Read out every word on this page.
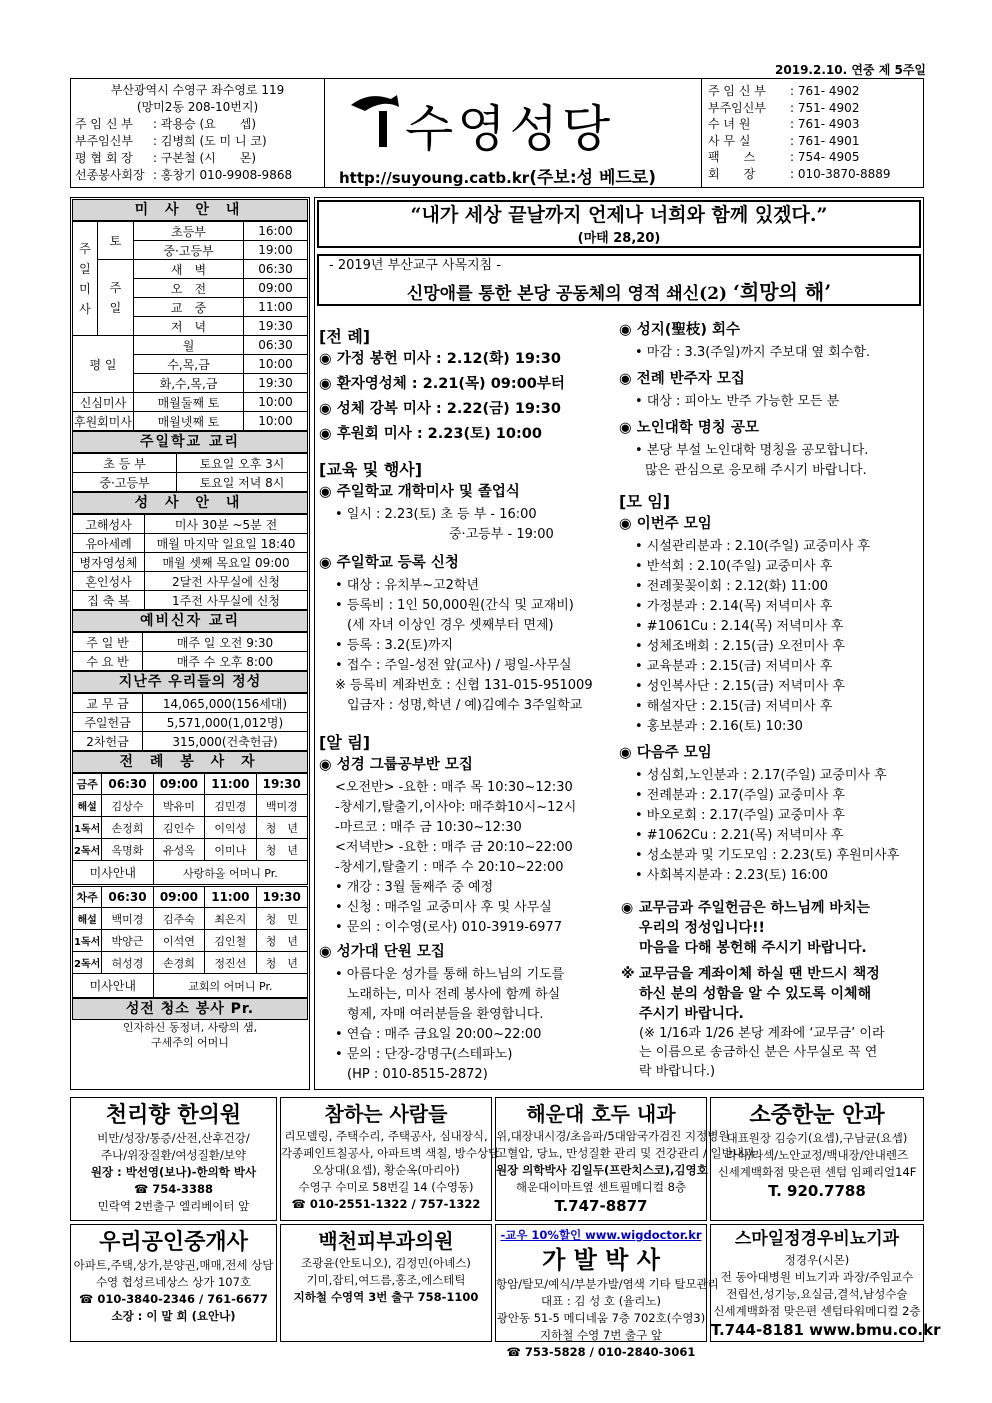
2019.2.10. 연중 제 5주일
부산광역시 수영구 좌수영로 119
(망미2동 208-10번지)
주 임 신 부 : 곽용승 (요　　셉)
부주임신부 : 김병희 (도 미 니 코)
평 협 회 장 : 구본철 (시　　몬)
선종봉사회장 : 홍창기 010-9908-9868
수영성당
http://suyoung.catb.kr(주보:성 베드로)
주 임 신 부 : 761- 4902
부주임신부 : 751- 4902
수 녀 원	: 761- 4903
사 무 실	: 761- 4901
팩　　스	: 754- 4905
회　　장	: 010-3870-8889
미 사 안 내
주
일
미
사	토	초등부	16:00
		중·고등부	19:00
	주
일	새　벽	06:30
		오　전	09:00
		교　중	11:00
		저　녁	19:30
평 일		월	06:30
		수,목,금	10:00
		화,수,목,금	19:30
신심미사		매월둘째 토	10:00
후원회미사		매월넷째 토	10:00
주일학교 교리
초 등 부	토요일 오후 3시
중·고등부	토요일 저녁 8시
성 사 안 내
고해성사	미사 30분 ~5분 전
유아세례	매월 마지막 일요일 18:40
병자영성체	매월 셋째 목요일 09:00
혼인성사	2달전 사무실에 신청
집 축 복	1주전 사무실에 신청
예비신자 교리
주 일 반	매주 일 오전 9:30
수 요 반	매주 수 오후 8:00
지난주 우리들의 정성
교 무 금	14,065,000(156세대)
주일헌금	5,571,000(1,012명)
2차헌금	315,000(건축헌금)
전 례 봉 사 자
금주	06:30	09:00	11:00	19:30
해설	김상수	박유미	김민경	백미경
1독서	손정희	김인수	이익성	청　년
2독서	옥명화	유성옥	이미나	청　년
미사안내		사랑하올 어머니 Pr.		
차주	06:30	09:00	11:00	19:30
해설	백미경	김주숙	최은지	청　민
1독서	박양근	이석연	김인철	청　년
2독서	허성경	손경희	정진선	청　년
미사안내		교회의 어머니 Pr.		
성전 청소 봉사 Pr.
인자하신 동정녀, 사랑의 샘,
구세주의 어머니
“내가 세상 끝날까지 언제나 너희와 함께 있겠다.”
(마태 28,20)
- 2019년 부산교구 사목지침 -
신망애를 통한 본당 공동체의 영적 쇄신(2) ‘희망의 해’
[전 례]
◉ 가정 봉헌 미사 : 2.12(화) 19:30
◉ 환자영성체 : 2.21(목) 09:00부터
◉ 성체 강복 미사 : 2.22(금) 19:30
◉ 후원회 미사 : 2.23(토) 10:00
[교육 및 행사]
◉ 주일학교 개학미사 및 졸업식
• 일시 : 2.23(토) 초 등 부 - 16:00
중·고등부 - 19:00
◉ 주일학교 등록 신청
• 대상 : 유치부~고2학년
• 등록비 : 1인 50,000원(간식 및 교재비)
(세 자녀 이상인 경우 셋째부터 면제)
• 등록 : 3.2(토)까지
• 접수 : 주일-성전 앞(교사) / 평일-사무실
※ 등록비 계좌번호 : 신협 131-015-951009
입금자 : 성명,학년 / 예)김예수 3주일학교
[알 림]
◉ 성경 그룹공부반 모집
<오전반> -요한 : 매주 목 10:30~12:30
-창세기,탈출기,이사야: 매주화10시~12시
-마르코 : 매주 금 10:30~12:30
<저녁반> -요한 : 매주 금 20:10~22:00
-창세기,탈출기 : 매주 수 20:10~22:00
• 개강 : 3월 둘째주 중 예정
• 신청 : 매주일 교중미사 후 및 사무실
• 문의 : 이수영(로사) 010-3919-6977
◉ 성가대 단원 모집
• 아름다운 성가를 통해 하느님의 기도를
노래하는, 미사 전례 봉사에 함께 하실
형제, 자매 여러분들을 환영합니다.
• 연습 : 매주 금요일 20:00~22:00
• 문의 : 단장-강명구(스테파노)
(HP : 010-8515-2872)
◉ 성지(聖枝) 회수
• 마감 : 3.3(주일)까지 주보대 옆 회수함.
◉ 전례 반주자 모집
• 대상 : 피아노 반주 가능한 모든 분
◉ 노인대학 명칭 공모
• 본당 부설 노인대학 명칭을 공모합니다.
많은 관심으로 응모해 주시기 바랍니다.
[모 임]
◉ 이번주 모임
• 시설관리분과 : 2.10(주일) 교중미사 후
• 반석회 : 2.10(주일) 교중미사 후
• 전례꽃꽂이회 : 2.12(화) 11:00
• 가정분과 : 2.14(목) 저녁미사 후
• #1061Cu : 2.14(목) 저녁미사 후
• 성체조배회 : 2.15(금) 오전미사 후
• 교육분과 : 2.15(금) 저녁미사 후
• 성인복사단 : 2.15(금) 저녁미사 후
• 해설자단 : 2.15(금) 저녁미사 후
• 홍보분과 : 2.16(토) 10:30
◉ 다음주 모임
• 성심회,노인분과 : 2.17(주일) 교중미사 후
• 전례분과 : 2.17(주일) 교중미사 후
• 바오로회 : 2.17(주일) 교중미사 후
• #1062Cu : 2.21(목) 저녁미사 후
• 성소분과 및 기도모임 : 2.23(토) 후원미사후
• 사회복지분과 : 2.23(토) 16:00
◉ 교무금과 주일헌금은 하느님께 바치는
우리의 정성입니다!!
마음을 다해 봉헌해 주시기 바랍니다.
※ 교무금을 계좌이체 하실 땐 반드시 책정
하신 분의 성함을 알 수 있도록 이체해
주시기 바랍니다.
(※ 1/16과 1/26 본당 계좌에 ‘교무금’ 이라
는 이름으로 송금하신 분은 사무실로 꼭 연
락 바랍니다.)
천리향 한의원
비만/성장/통증/산전,산후건강/
주나/위장질환/여성질환/보약
원장 : 박선영(보나)-한의학 박사
☎ 754-3388
민락역 2번출구 엘리베이터 앞
참하는 사람들
리모델링, 주택수리, 주택공사, 심내장식,
각종페인트칠공사, 아파트벽 색칠, 방수상담
오상대(요셉), 황순옥(마리아)
수영구 수미로 58번길 14 (수영동)
☎ 010-2551-1322 / 757-1322
해운대 호두 내과
위,대장내시경/초음파/5대암국가검진 지정병원
고혈압, 당뇨, 만성질환 관리 및 건강관리 / 일반내과
원장 의학박사 김일두(프란치스코),김영호
해운대이마트옆 센트필메디컬 8층
T.747-8877
소중한눈 안과
대표원장 김승기(요셉),구남균(요셉)
라식/라섹/노안교정/백내장/안내렌즈
신세계백화점 맞은편 센텀 임페리얼14F
T. 920.7788
우리공인중개사
아파트,주택,상가,분양권,매매,전세 상담
수영 협성르네상스 상가 107호
☎ 010-3840-2346 / 761-6677
소장 : 이 말 희 (요안나)
백천피부과의원
조광윤(안토니오), 김정민(아녜스)
기미,잡티,여드름,홍조,에스테틱
지하철 수영역 3번 출구 758-1100
-교우 10%할인 www.wigdoctor.kr
가 발 박 사
항암/탈모/예식/부분가발/염색 기타 탈모관리
대표 : 김 성 호 (율리노)
광안동 51-5 메디네움 7층 702호(수영3)
지하철 수영 7번 출구 앞
☎ 753-5828 / 010-2840-3061
스마일정경우비뇨기과
정경우(시몬)
전 동아대병원 비뇨기과 과장/주임교수
전립선,성기능,요실금,결석,남성수술
신세계백화점 맞은편 센텀타워메디컬 2층
T.744-8181 www.bmu.co.kr
